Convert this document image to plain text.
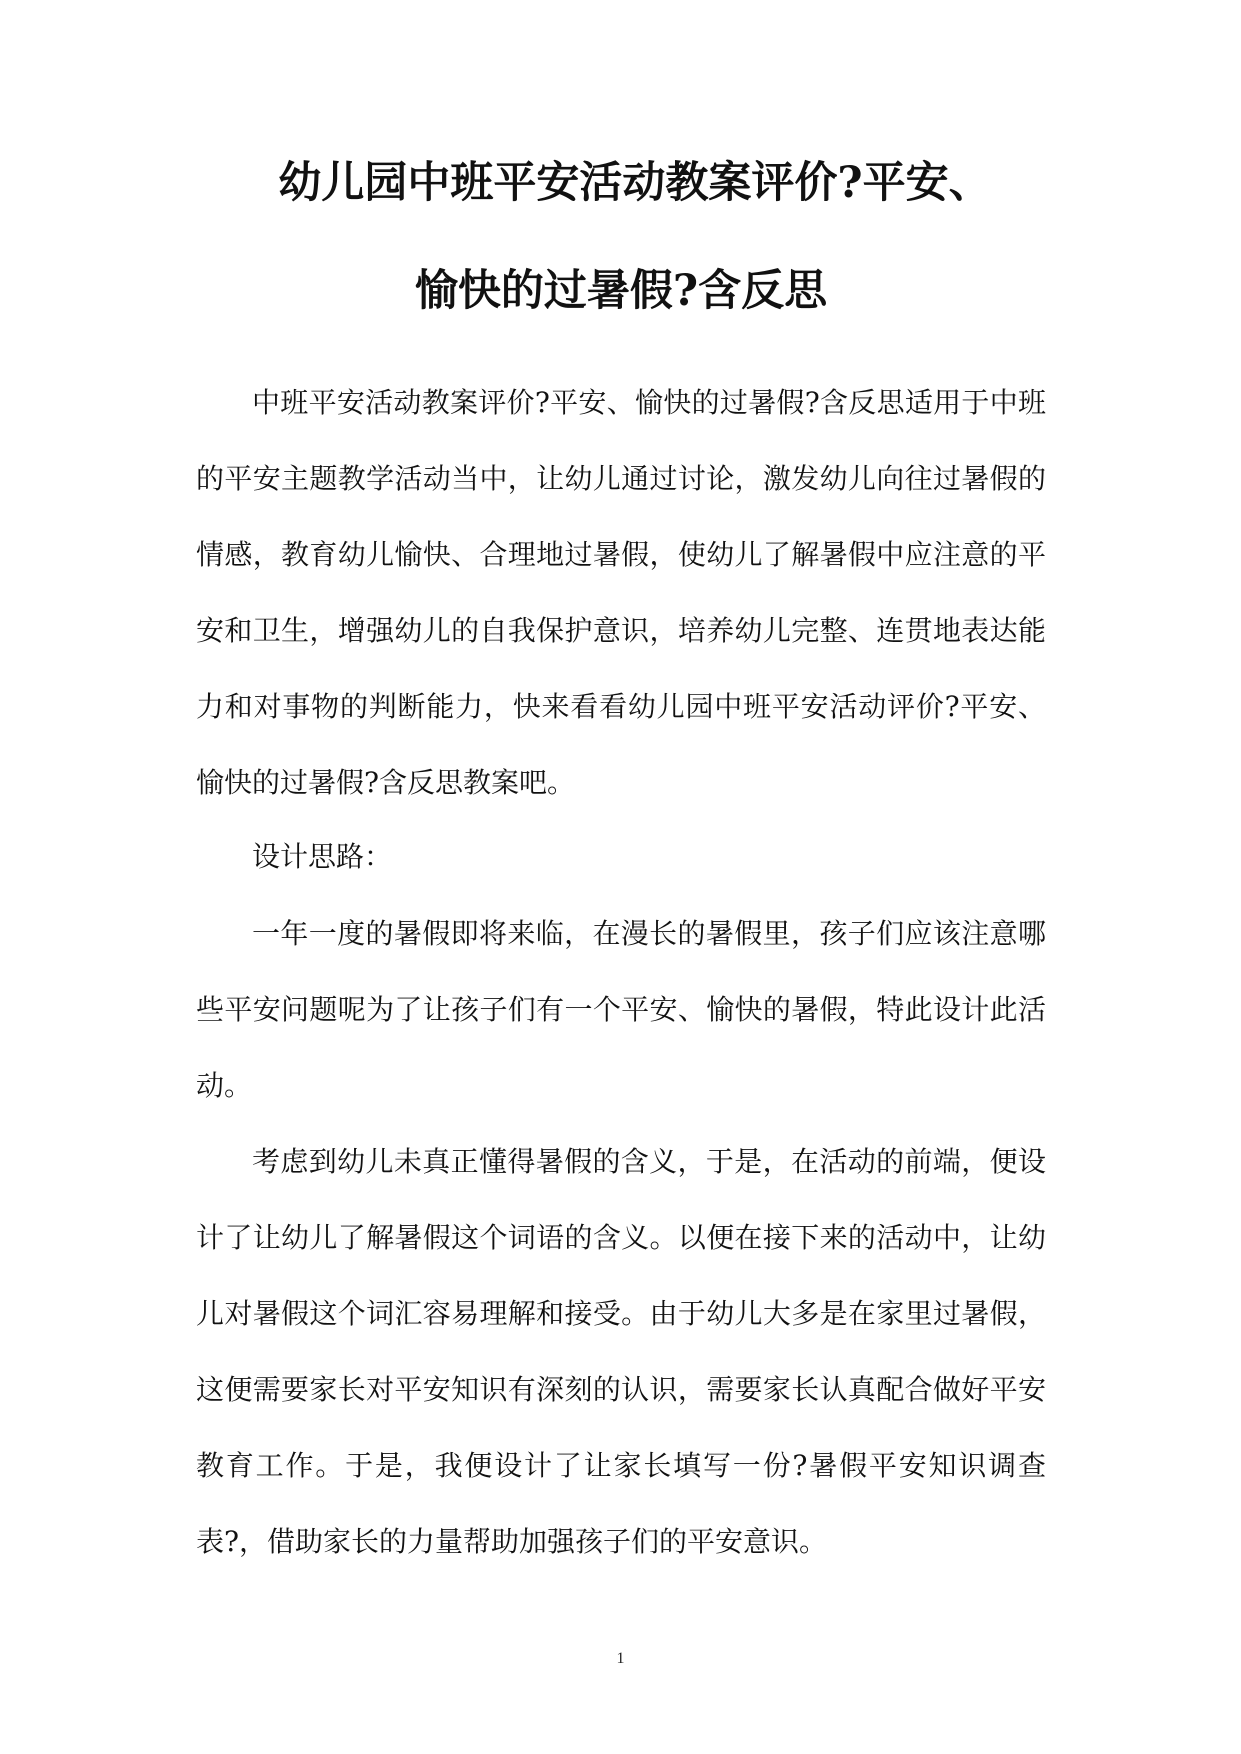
幼儿园中班平安活动教案评价?平安、
愉快的过暑假?含反思

中班平安活动教案评价?平安、愉快的过暑假?含反思适用于中班的平安主题教学活动当中，让幼儿通过讨论，激发幼儿向往过暑假的情感，教育幼儿愉快、合理地过暑假，使幼儿了解暑假中应注意的平安和卫生，增强幼儿的自我保护意识，培养幼儿完整、连贯地表达能力和对事物的判断能力，快来看看幼儿园中班平安活动评价?平安、愉快的过暑假?含反思教案吧。

设计思路：

一年一度的暑假即将来临，在漫长的暑假里，孩子们应该注意哪些平安问题呢为了让孩子们有一个平安、愉快的暑假，特此设计此活动。

考虑到幼儿未真正懂得暑假的含义，于是，在活动的前端，便设计了让幼儿了解暑假这个词语的含义。以便在接下来的活动中，让幼儿对暑假这个词汇容易理解和接受。由于幼儿大多是在家里过暑假，这便需要家长对平安知识有深刻的认识，需要家长认真配合做好平安教育工作。于是，我便设计了让家长填写一份?暑假平安知识调查表?，借助家长的力量帮助加强孩子们的平安意识。

1
